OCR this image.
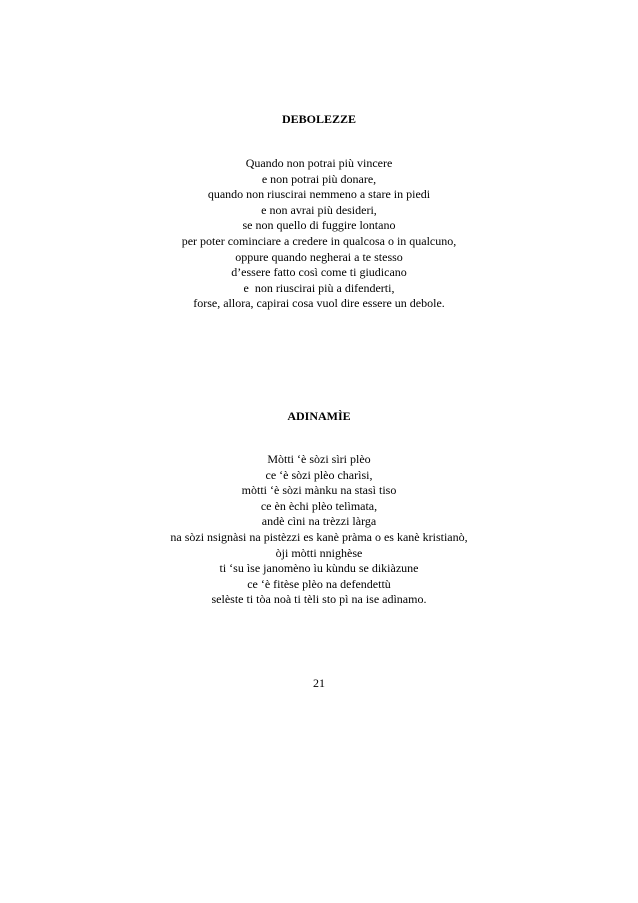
DEBOLEZZE
Quando non potrai più vincere
e non potrai più donare,
quando non riuscirai nemmeno a stare in piedi
e non avrai più desideri,
se non quello di fuggire lontano
per poter cominciare a credere in qualcosa o in qualcuno,
oppure quando negherai a te stesso
d’essere fatto così come ti giudicano
e  non riuscirai più a difenderti,
forse, allora, capirai cosa vuol dire essere un debole.
ADINAMÌE
Mòtti ‘è sòzi sìri plèo
ce ‘è sòzi plèo charìsi,
mòtti ‘è sòzi mànku na stasì tiso
ce èn èchi plèo telìmata,
andè cìni na trèzzi làrga
na sòzi nsignàsi na pistèzzi es kanè pràma o es kanè kristianò,
òji mòtti nnighèse
ti ‘su ìse janomèno ìu kùndu se dikiàzune
ce ‘è fitèse plèo na defendettù
selèste ti tòa noà ti tèli sto pì na ise adìnamo.
21
